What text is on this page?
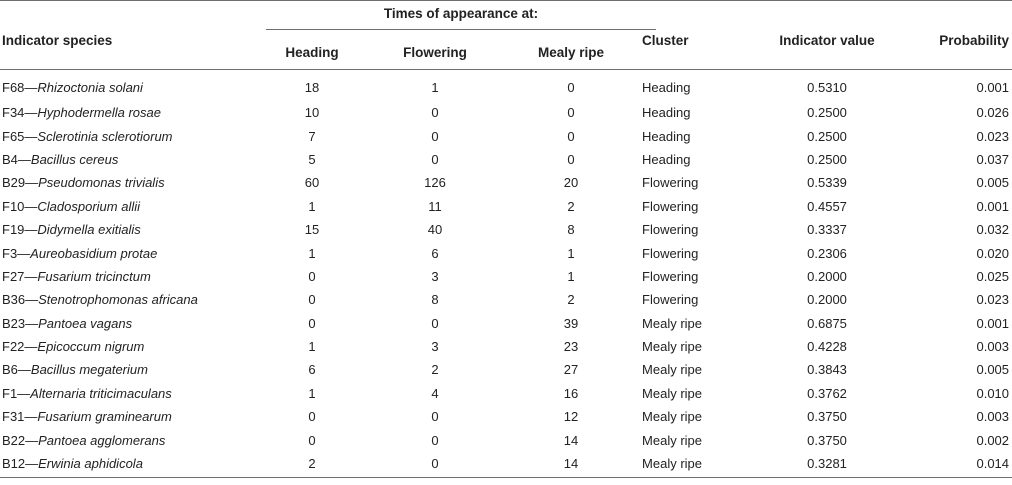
Indicator species	Times of appearance at:			Cluster	Indicator value	Probability
	Heading	Flowering	Mealy ripe			
F68—Rhizoctonia solani	18	1	0	Heading	0.5310	0.001
F34—Hyphodermella rosae	10	0	0	Heading	0.2500	0.026
F65—Sclerotinia sclerotiorum	7	0	0	Heading	0.2500	0.023
B4—Bacillus cereus	5	0	0	Heading	0.2500	0.037
B29—Pseudomonas trivialis	60	126	20	Flowering	0.5339	0.005
F10—Cladosporium allii	1	11	2	Flowering	0.4557	0.001
F19—Didymella exitialis	15	40	8	Flowering	0.3337	0.032
F3—Aureobasidium protae	1	6	1	Flowering	0.2306	0.020
F27—Fusarium tricinctum	0	3	1	Flowering	0.2000	0.025
B36—Stenotrophomonas africana	0	8	2	Flowering	0.2000	0.023
B23—Pantoea vagans	0	0	39	Mealy ripe	0.6875	0.001
F22—Epicoccum nigrum	1	3	23	Mealy ripe	0.4228	0.003
B6—Bacillus megaterium	6	2	27	Mealy ripe	0.3843	0.005
F1—Alternaria triticimaculans	1	4	16	Mealy ripe	0.3762	0.010
F31—Fusarium graminearum	0	0	12	Mealy ripe	0.3750	0.003
B22—Pantoea agglomerans	0	0	14	Mealy ripe	0.3750	0.002
B12—Erwinia aphidicola	2	0	14	Mealy ripe	0.3281	0.014
